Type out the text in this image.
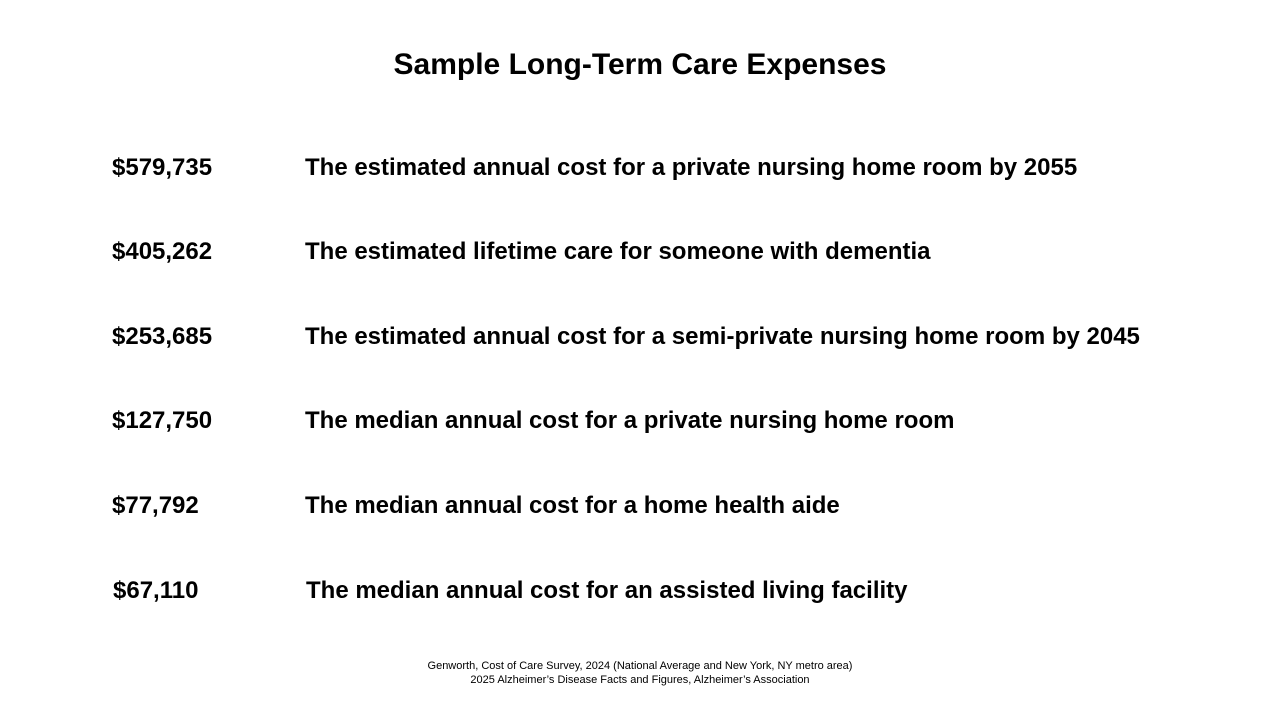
Sample Long-Term Care Expenses
$579,735	The estimated annual cost for a private nursing home room by 2055
$405,262	The estimated lifetime care for someone with dementia
$253,685	The estimated annual cost for a semi-private nursing home room by 2045
$127,750	The median annual cost for a private nursing home room
$77,792	The median annual cost for a home health aide
$67,110	The median annual cost for an assisted living facility
Genworth, Cost of Care Survey, 2024 (National Average and New York, NY metro area)
2025 Alzheimer’s Disease Facts and Figures, Alzheimer’s Association
